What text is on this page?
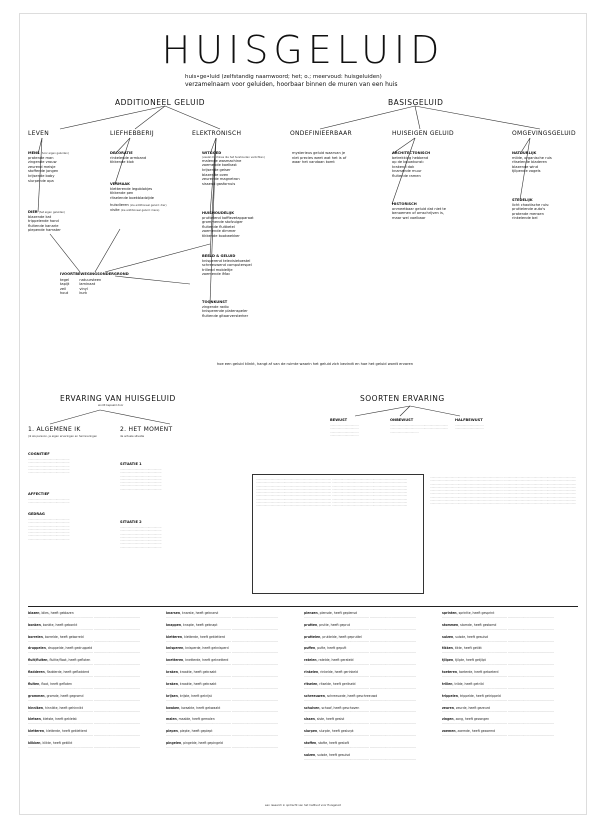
HUISGELUID
huis•ge•luid (zelfstandig naamwoord; het; o.; meervoud: huisgeluiden)
verzamelnaam voor geluiden, hoorbaar binnen de muren van een huis
ADDITIONEEL GELUID	BASISGELUID
LEVEN	LIEFHEBBERIJ	ELEKTRONISCH	ONDEFINIEERBAAR	HUISEIGEN GELUID	OMGEVINGSGELUID
MENS (hoor eigen geluiden)
pratende man
zingende vrouw
zeurend meisje
stoffende jongen
krijsende baby
slurpende opa
DIER (het eigen geluiden)
blazende kat
trippelende hond
fluitende kanarie
piepende hamster
DECORATIE
rinkelende armband
tikkende klok
VERMAAK
kletterende legoblokjes
tikkende pen
ritselende boekbladzijde
huisdieren (zie additioneel geluid: dier)
visite (zie additioneel geluid: mens)
WITGOED
(veelal machines die het huishouden verlichten)
malende wasmachine
zoemende koelkast
krijsende geiser
blazende oven
zeurende magnetron
sissend gasfornuis
HUISHOUDELIJK
pruttelend koffiezetapparaat
grommende stofzuiger
fluitende fluitketel
zoemende dimmer
tikkende kookwekker
BEELD & GELUID
knisperend televisietoestel
schreeuwend computerspel
trillend mobieltje
zoemende iMac
TOONKUNST
zingende radio
knisperende platenspeler
fluitende gitaarversterker
mysterieus geluid waarvan je
niet precies weet wat het is of
waar het vandaan komt
ARCHITECTONISCH
betrekking hebbend
op de bouwkunst:
krakend dak
knarsende muur
fluitende ramen
HISTORISCH
onmeetbaar geluid dat niet te
benoemen of omschrijven is,
maar wel voelbaar
NATUURLIJK
milde, organische ruis
ritselende bladeren
blazende wind
tjilpende vogels
STEDELIJK
licht chaotische ruis:
pruttelende auto's
pratende mensen
rinkelende bel
IVOORTBEWEGINGSONDERGROND
tegel
tapijt
zeil
hout
natuursteen
laminaat
vinyl
kurk
hoe een geluid klinkt, hangt af van de ruimte waarin het geluid zich bevindt en hoe het geluid wordt ervaren
ERVARING VAN HUISGELUID
wordt bepaald door
1. ALGEMENE IK
(ik als persoon, je eigen ervaringen en herinneringen
2. HET MOMENT
de actuele situatie
COGNITIEF
………………………………………… ………………………………………… ………………………………………… ………………………………………… …………………………………………
AFFECTIEF
………………………………………… …………………………………………
GEDRAG
………………………………………… ………………………………………… ………………………………………… ………………………………………… ………………………………………… ………………………………………… …………………………………………
SITUATIE 1
………………………………………… ………………………………………… ………………………………………… ………………………………………… ………………………………………… ………………………………………… …………………………………………
SITUATIE 2
………………………………………… ………………………………………… ………………………………………… ………………………………………… ………………………………………… ………………………………………… …………………………………………
SOORTEN ERVARING
BEWUST
…………………………… …………………………… …………………………… ……………………………
ONBEWUST
…………………………… …………………………… …………………………… …………………………… ……………………………
HALFBEWUST
…………………………… ……………………………
…………………………………………………………………………… …………………………………………………………………………… …………………………………………………………………………… …………………………………………………………………………… …………………………………………………………………………… …………………………………………………………………………… …………………………………………………………………………… …………………………………………………………………………… …………………………………………………………………………… …………………………………………………………………………… …………………………………………………………………………… …………………………………………………………………………… …………………………………………………………………………… …………………………………………………………………………… …………………………………………………………………………… …………………………………………………………………………… …………………………………………………………………………… ……………………………………………………………………………
………………………………………………………………………… ………………………………………………………………………… ………………………………………………………………………… ………………………………………………………………………… ………………………………………………………………………… ………………………………………………………………………… ………………………………………………………………………… ………………………………………………………………………… ………………………………………………………………………… ………………………………………………………………………… ………………………………………………………………………… ………………………………………………………………………… ………………………………………………………………………… ………………………………………………………………………… ………………………………………………………………………… ………………………………………………………………………… ………………………………………………………………………… …………………………………………………………………………
blazen, blies, heeft geblazen
……………………………………………………… ………………………………………
bonken, bonkte, heeft gebonkt
……………………………………………………… ………………………………………
borrelen, borrelde, heeft geborreld
……………………………………………………… ………………………………………
druppelen, druppelde, heeft gedruppeld
……………………………………………………… ………………………………………
fluit/fluiten, fluitte/floot, heeft gefloten
……………………………………………………… ………………………………………
fladderen, fladderde, heeft gefladderd
……………………………………………………… ………………………………………
fluiten, floot, heeft gefloten
……………………………………………………… ………………………………………
grommen, gromde, heeft gegromd
……………………………………………………… ………………………………………
hinniken, hinnikte, heeft gehinnikt
……………………………………………………… ………………………………………
kletsen, kletste, heeft gekletst
……………………………………………………… ………………………………………
kletteren, kletterde, heeft gekletterd
……………………………………………………… ………………………………………
klikken, klikte, heeft geklikt
……………………………………………………… ………………………………………
knarsen, knarste, heeft geknarst
……………………………………………………… ………………………………………
knappen, knapte, heeft geknapt
……………………………………………………… ………………………………………
kletteren, kletterde, heeft gekletterd
……………………………………………………… ………………………………………
knisperen, knisperde, heeft geknisperd
……………………………………………………… ………………………………………
knetteren, knetterde, heeft geknetterd
……………………………………………………… ………………………………………
kraken, kraakte, heeft gekraakt
……………………………………………………… ………………………………………
kraken, kraakte, heeft gekraakt
……………………………………………………… ………………………………………
krijsen, krijste, heeft gekrijst
……………………………………………………… ………………………………………
kwaken, kwaakte, heeft gekwaakt
……………………………………………………… ………………………………………
malen, maalde, heeft gemalen
……………………………………………………… ………………………………………
piepen, piepte, heeft gepiept
……………………………………………………… ………………………………………
pingelen, pingelde, heeft gepingeld
……………………………………………………… ………………………………………
plenzen, plensde, heeft geplensd
……………………………………………………… ………………………………………
prutten, prutte, heeft geprut
……………………………………………………… ………………………………………
pruttelen, pruttelde, heeft gepruttel
……………………………………………………… ………………………………………
puffen, pufte, heeft gepuft
……………………………………………………… ………………………………………
ratelen, ratelde, heeft gerateld
……………………………………………………… ………………………………………
rinkelen, rinkelde, heeft gerinkeld
……………………………………………………… ………………………………………
ritselen, ritselde, heeft geritseld
……………………………………………………… ………………………………………
schreeuwen, schreeuwde, heeft geschreeuwd
……………………………………………………… ………………………………………
schuiven, schoof, heeft geschoven
……………………………………………………… ………………………………………
sissen, siste, heeft gesist
……………………………………………………… ………………………………………
slurpen, slurpte, heeft geslurpt
……………………………………………………… ………………………………………
stoffen, stofte, heeft gestoft
……………………………………………………… ………………………………………
suizen, suisde, heeft gesuisd
……………………………………………………… ………………………………………
sprinten, sprintte, heeft gesprint
……………………………………………………… ………………………………………
stommen, stomde, heeft gestomd
……………………………………………………… ………………………………………
suizen, suisde, heeft gesuisd
……………………………………………………… ………………………………………
tikken, tikte, heeft getikt
……………………………………………………… ………………………………………
tjilpen, tjilpte, heeft getjilpt
……………………………………………………… ………………………………………
toeteren, toeterde, heeft getoeterd
……………………………………………………… ………………………………………
trillen, trilde, heeft getrild
……………………………………………………… ………………………………………
trippelen, trippelde, heeft getrippeld
……………………………………………………… ………………………………………
zeuren, zeurde, heeft gezeurd
……………………………………………………… ………………………………………
zingen, zong, heeft gezongen
……………………………………………………… ………………………………………
zoemen, zoemde, heeft gezoemd
……………………………………………………… ………………………………………
een research in opdracht van het Instituut voor Huisgeluid
